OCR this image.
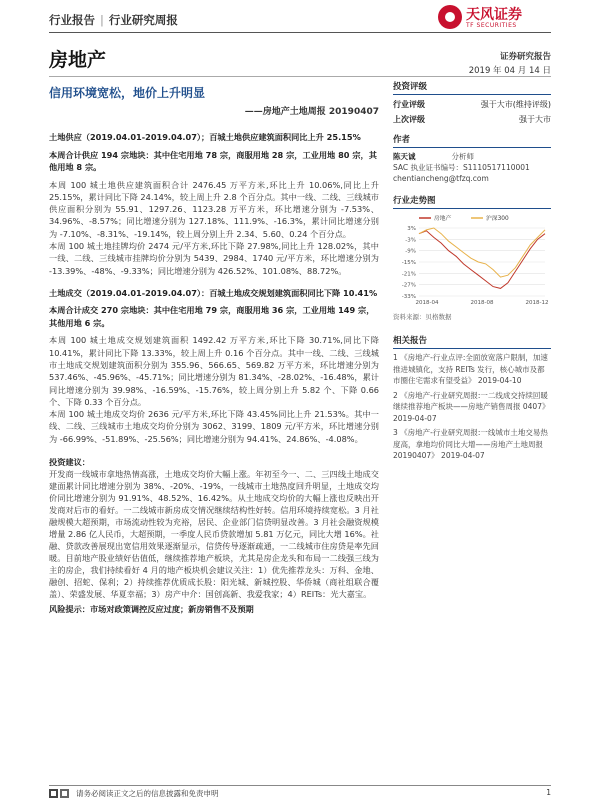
行业报告 | 行业研究周报	天风证券
TF SECURITIES
房地产	证券研究报告
2019 年 04 月 14 日
信用环境宽松，地价上升明显
——房地产土地周报 20190407
土地供应（2019.04.01-2019.04.07）；百城土地供应建筑面积同比上升 25.15%
本周合计供应 194 宗地块：其中住宅用地 78 宗，商服用地 28 宗，工业用地 80 宗，其他用地 8 宗。
本周 100 城土地供应建筑面积合计 2476.45 万平方米,环比上升 10.06%,同比上升 25.15%，累计同比下降 24.14%，较上周上升 2.8 个百分点。其中一线、二线、三线城市供应面积分别为 55.91、1297.26、1123.28 万平方米，环比增速分别为 -7.53%、34.96%、-8.57%；同比增速分别为 127.18%、111.9%、-16.3%，累计同比增速分别为 -7.10%、-8.31%、-19.14%，较上周分别上升 2.34、5.60、0.24 个百分点。
本周 100 城土地挂牌均价 2474 元/平方米,环比下降 27.98%,同比上升 128.02%，其中一线、二线、三线城市挂牌均价分别为 5439、2984、1740 元/平方米，环比增速分别为 -13.39%、-48%、-9.33%；同比增速分别为 426.52%、101.08%、88.72%。
土地成交（2019.04.01-2019.04.07）：百城土地成交规划建筑面积同比下降 10.41%
本周合计成交 270 宗地块：其中住宅用地 79 宗，商服用地 36 宗，工业用地 149 宗，其他用地 6 宗。
本周 100 城土地成交规划建筑面积 1492.42 万平方米,环比下降 30.71%,同比下降 10.41%，累计同比下降 13.33%，较上周上升 0.16 个百分点。其中一线、二线、三线城市土地成交规划建筑面积分别为 355.96、566.65、569.82 万平方米，环比增速分别为 537.46%、-45.96%、-45.71%；同比增速分别为 81.34%、-28.02%、-16.48%，累计同比增速分别为 39.98%、-16.59%、-15.76%，较上周分别上升 5.82 个、下降 0.66 个、下降 0.33 个百分点。
本周 100 城土地成交均价 2636 元/平方米,环比下降 43.45%同比上升 21.53%。其中一线、二线、三线城市土地成交均价分别为 3062、3199、1809 元/平方米，环比增速分别为 -66.99%、-51.89%、-25.56%；同比增速分别为 94.41%、24.86%、-4.08%。
投资建议：
开发商一线城市拿地热情高涨，土地成交均价大幅上涨。年初至今一、二、三四线土地成交建面累计同比增速分别为 38%、-20%、-19%，一线城市土地热度回升明显，土地成交均价同比增速分别为 91.91%、48.52%、16.42%。从土地成交均价的大幅上涨也反映出开发商对后市的看好。一二线城市新房成交情况继续结构性好转。信用环境持续宽松。3 月社融规模大超预期，市场流动性较为充裕，居民、企业部门信贷明显改善。3 月社会融资规模增量 2.86 亿人民币，大超预期，一季度人民币贷款增加 5.81 万亿元，同比大增 16%。社融、贷款改善展现出宽信用效果逐渐显示，信贷传导逐渐疏通，一二线城市住房贷是率先回暖。目前地产股业绩好估值低，继续推荐地产板块，尤其是房企龙头和布局一二线强三线为主的房企，我们持续看好 4 月的地产板块机会建议关注：1）优先推荐龙头：万科、金地、融创、招蛇、保利；2）持续推荐优质成长股：阳光城、新城控股、华侨城（商社组联合覆盖）、荣盛发展、华夏幸福；3）房产中介：国创高新、我爱我家；4）REITs：光大嘉宝。
风险提示：市场对政策调控反应过度；新房销售不及预期
投资评级
行业评级	强于大市(维持评级)
上次评级	强于大市
作者
陈天诚	分析师
SAC 执业证书编号：S1110517110001
chentiancheng@tfzq.com
行业走势图
3%
-3%
-9%
-15%
-21%
-27%
-33%
2018-04	2018-08	2018-12
房地产	沪深300
资料来源：贝格数据
相关报告
1 《房地产-行业点评:全面放宽落户限制，加速推进城镇化，支持 REITs 发行，核心城市及都市圈住宅需求有望受益》 2019-04-10
2 《房地产-行业研究周报:一二线成交持续回暖 继续推荐地产板块——房地产销售周报 0407》 2019-04-07
3 《房地产-行业研究周报:一线城市土地交易热度高，拿地均价同比大增——房地产土地周报 20190407》 2019-04-07
请务必阅读正文之后的信息披露和免责申明	1
